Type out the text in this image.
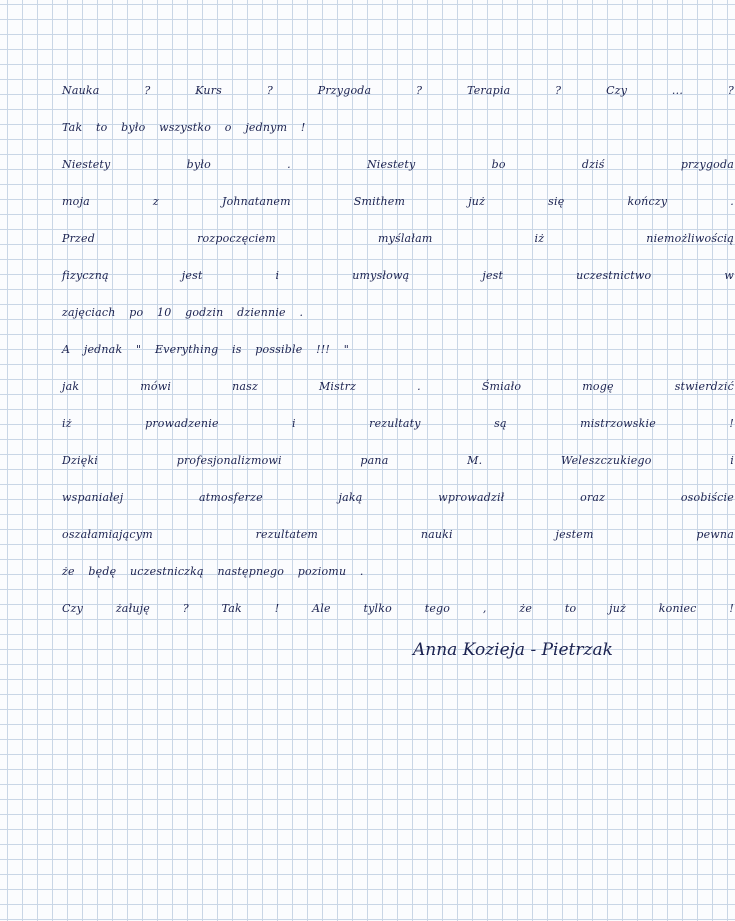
Nauka	?	Kurs	?	Przygoda	?	Terapia	?	Czy	...	?
Tak to było wszystko o jednym !
Niestety	było	.	Niestety	bo	dziś	przygoda
moja	z	Johnatanem	Smithem	już	się	kończy	.
Przed	rozpoczęciem	myślałam	iż	niemożliwością
fizyczną	jest	i	umysłową	jest	uczestnictwo	w
zajęciach po 10 godzin dziennie .
A jednak " Everything is possible !!! "
jak	mówi	nasz	Mistrz	.	Śmiało	mogę	stwierdzić
iż	prowadzenie	i	rezultaty	są	mistrzowskie	!
Dzięki	profesjonalizmowi	pana	M.	Weleszczukiego	i
wspaniałej	atmosferze	jaką	wprowadził	oraz	osobiście
oszałamiającym	rezultatem	nauki	jestem	pewna
że będę uczestniczką następnego poziomu .
Czy	żałuję	?	Tak	!	Ale	tylko	tego	,	że	to	już	koniec	!
Anna Kozieja - Pietrzak
